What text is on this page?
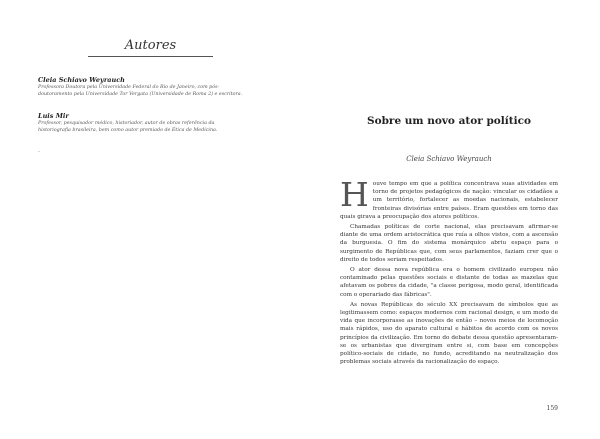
Autores
Cleia Schiavo Weyrauch
Professora Doutora pela Universidade Federal do Rio de Janeiro, com pós-
doutoramento pela Universidade Tor Vergata (Universidade de Roma 2) e escritora.
Luis Mir
Professor, pesquisador médico, historiador, autor de obras referência da
historiografia brasileira, bem como autor premiado de Ética de Medicina.
.
Sobre um novo ator político
Cleia Schiavo Weyrauch

Houve tempo em que a política concentrava suas atividades em torno de projetos pedagógicos de nação: vincular os cidadãos a um território, fortalecer as moedas nacionais, estabelecer fronteiras divisórias entre países. Eram questões em torno das quais girava a preocupação dos atores políticos.

Chamadas políticas de corte nacional, elas precisavam afirmar-se diante de uma ordem aristocrática que ruía a olhos vistos, com a ascensão da burguesia. O fim do sistema monárquico abriu espaço para o surgimento de Repúblicas que, com seus parlamentos, faziam crer que o direito de todos seriam respeitados.

O ator dessa nova república era o homem civilizado europeu não contaminado pelas questões sociais e distante de todas as mazelas que afetavam os pobres da cidade, "a classe perigosa, modo geral, identificada com o operariado das fábricas".

As novas Repúblicas do século XX precisavam de símbolos que as legitimassem como: espaços modernos com racional design, e um modo de vida que incorporasse as inovações de então – novos meios de locomoção mais rápidos, uso do aparato cultural e hábitos de acordo com os novos princípios da civilização. Em torno do debate dessa questão apresentaram-se os urbanistas que divergiram entre si, com base em concepções político-sociais de cidade, no fundo, acreditando na neutralização dos problemas sociais através da racionalização do espaço.

159
